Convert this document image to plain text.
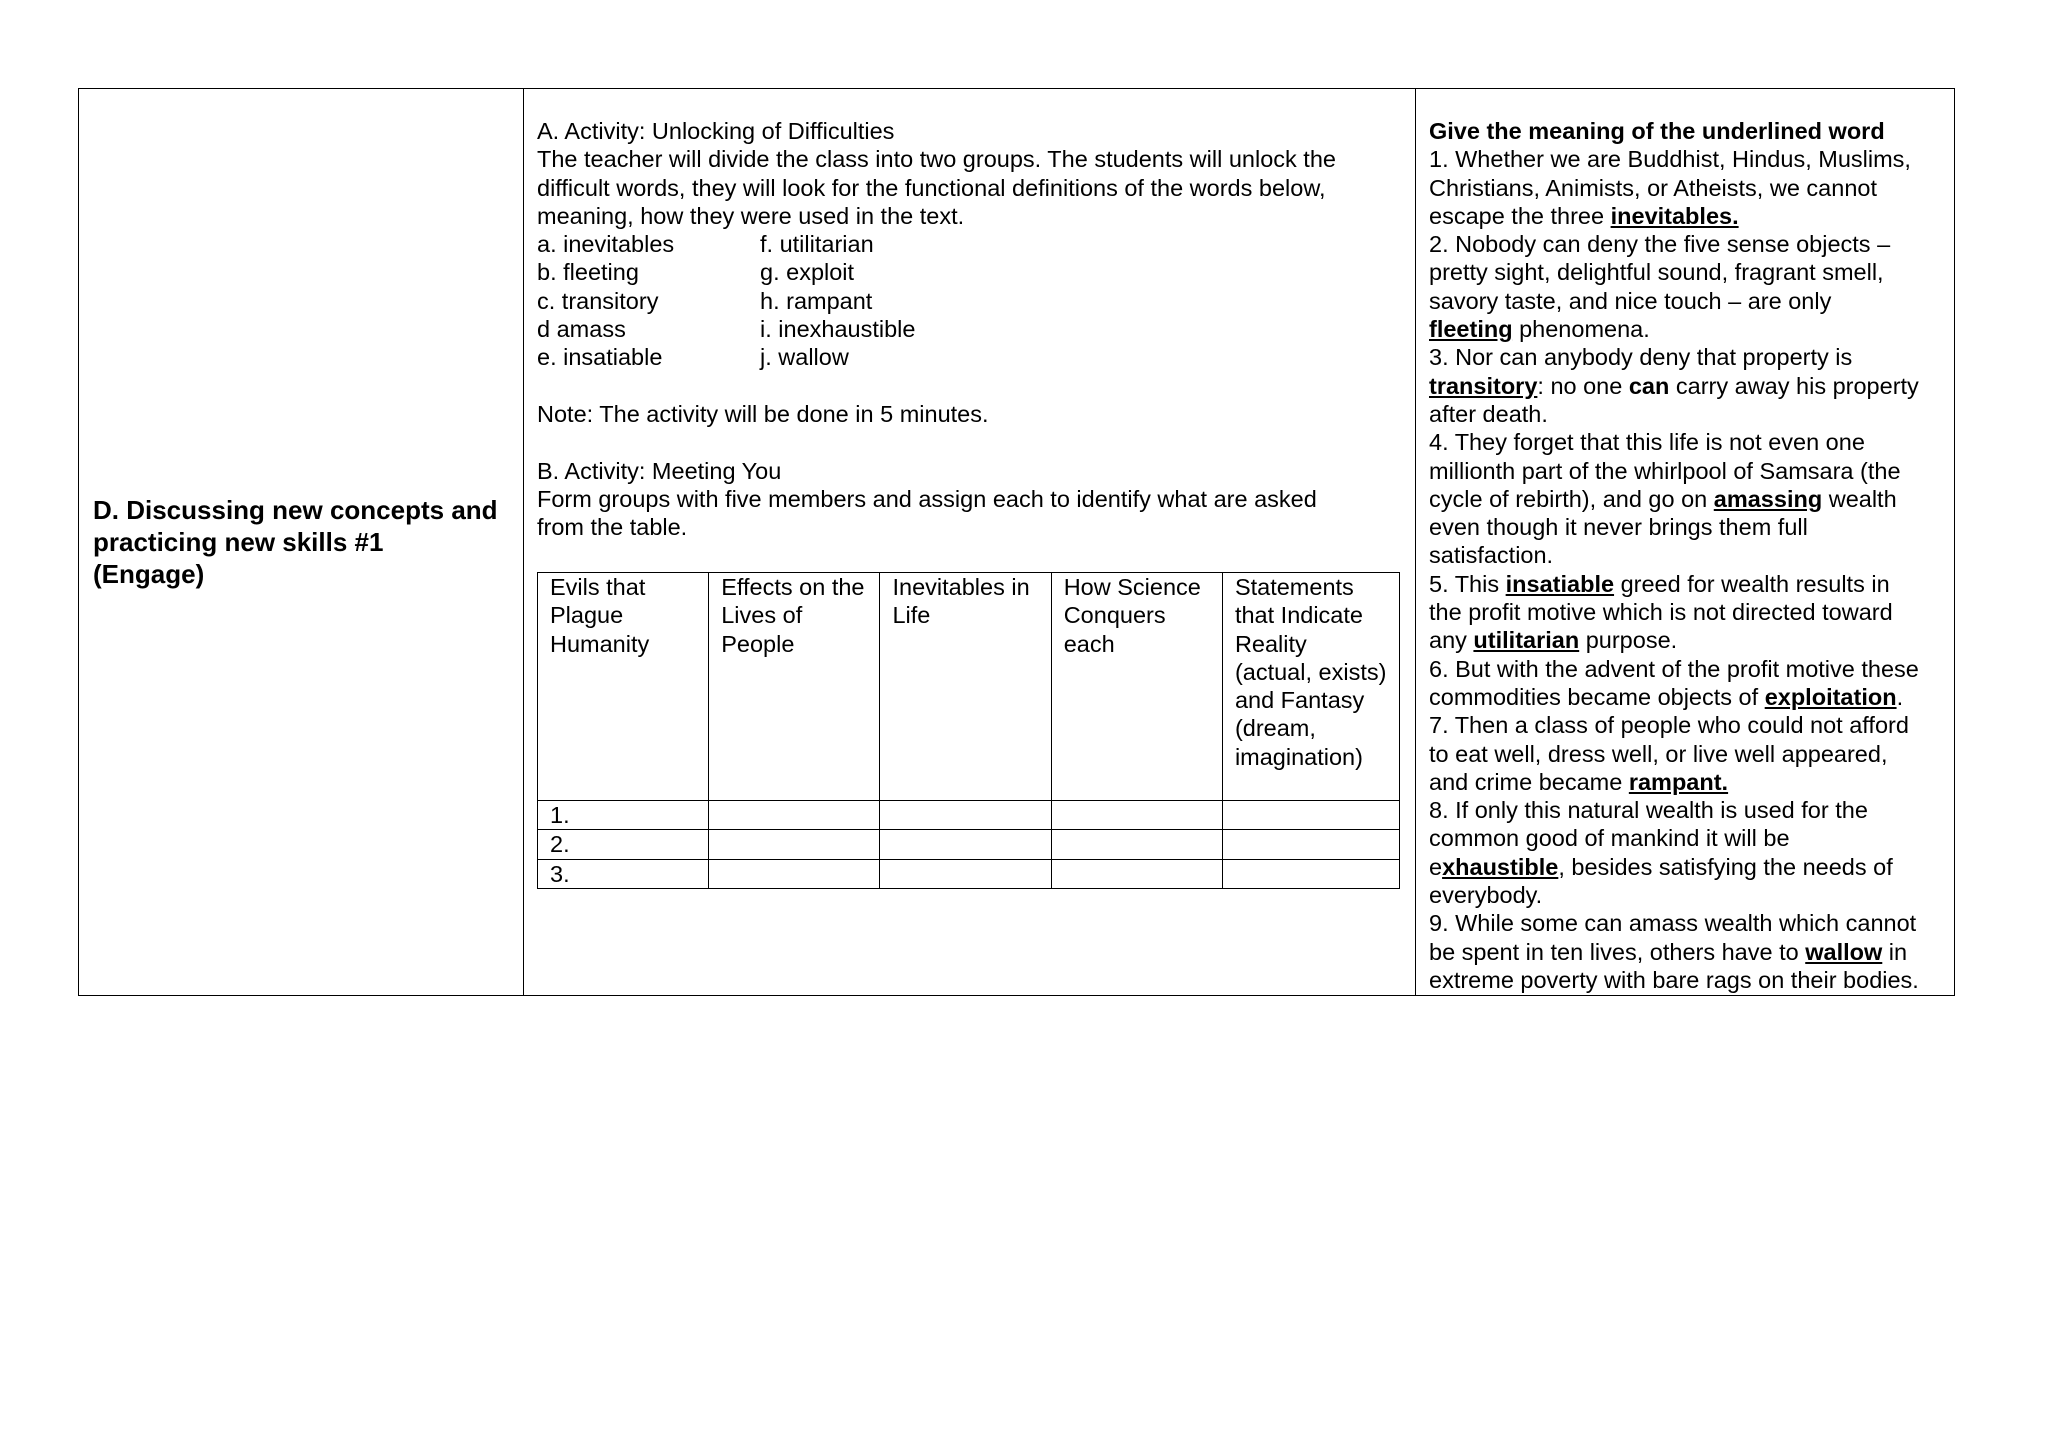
D. Discussing new concepts and practicing new skills #1 (Engage)
A. Activity: Unlocking of Difficulties
The teacher will divide the class into two groups. The students will unlock the
difficult words, they will look for the functional definitions of the words below,
meaning, how they were used in the text.
a. inevitables	f. utilitarian
b. fleeting	g. exploit
c. transitory	h. rampant
d amass	i. inexhaustible
e. insatiable	j. wallow
Note: The activity will be done in 5 minutes.
B. Activity: Meeting You
Form groups with five members and assign each to identify what are asked
from the table.
Evils that Plague Humanity	Effects on the Lives of People	Inevitables in Life	How Science Conquers each	Statements that Indicate Reality (actual, exists) and Fantasy (dream, imagination)
1.				
2.				
3.				
Give the meaning of the underlined word
1. Whether we are Buddhist, Hindus, Muslims,
Christians, Animists, or Atheists, we cannot
escape the three inevitables.
2. Nobody can deny the five sense objects –
pretty sight, delightful sound, fragrant smell,
savory taste, and nice touch – are only
fleeting phenomena.
3. Nor can anybody deny that property is
transitory: no one can carry away his property
after death.
4. They forget that this life is not even one
millionth part of the whirlpool of Samsara (the
cycle of rebirth), and go on amassing wealth
even though it never brings them full
satisfaction.
5. This insatiable greed for wealth results in
the profit motive which is not directed toward
any utilitarian purpose.
6. But with the advent of the profit motive these
commodities became objects of exploitation.
7. Then a class of people who could not afford
to eat well, dress well, or live well appeared,
and crime became rampant.
8. If only this natural wealth is used for the
common good of mankind it will be
exhaustible, besides satisfying the needs of
everybody.
9. While some can amass wealth which cannot
be spent in ten lives, others have to wallow in
extreme poverty with bare rags on their bodies.
